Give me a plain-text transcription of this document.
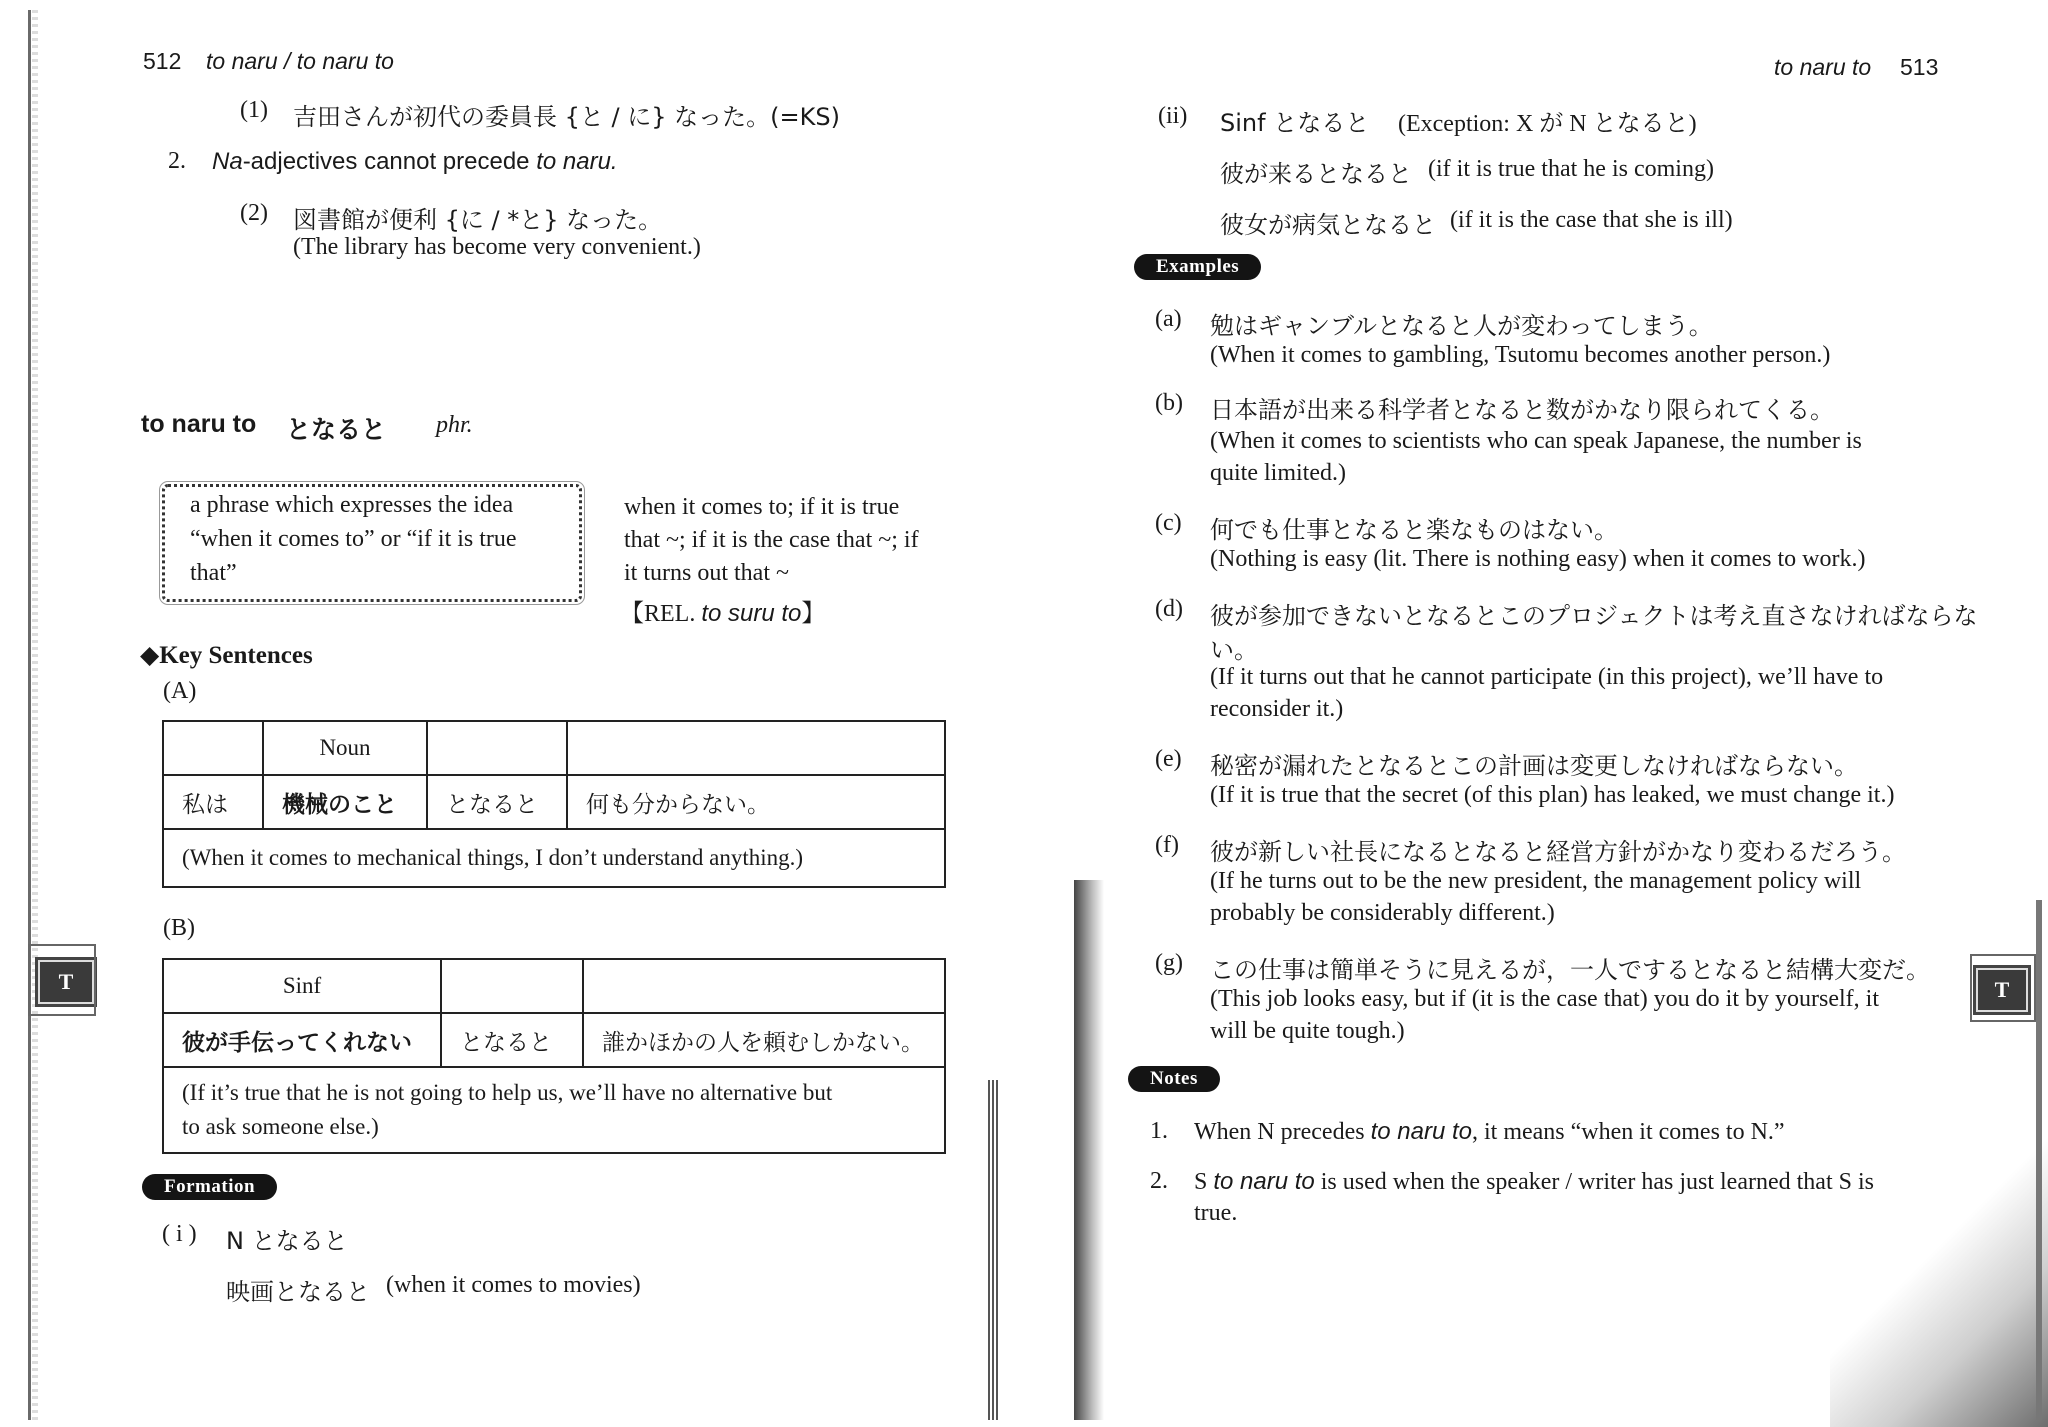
512 to naru / to naru to
(1) 吉田さんが初代の委員長 {と / に} なった。(=KS)
2. Na-adjectives cannot precede to naru.
(2) 図書館が便利 {に / *と} なった。
(The library has become very convenient.)
to naru to となると phr.
a phrase which expresses the idea
“when it comes to” or “if it is true
that”
when it comes to; if it is true
that ~; if it is the case that ~; if
it turns out that ~
【REL. to suru to】
◆Key Sentences
(A)
	Noun		
私は	機械のこと	となると	何も分からない。
(When it comes to mechanical things, I don’t understand anything.)			
(B)
Sinf		
彼が手伝ってくれない	となると	誰かほかの人を頼むしかない。

(If it’s true that he is not going to help us, we’ll have no alternative but
to ask someone else.)		
Formation
( i ) N となると
映画となると (when it comes to movies)
T
to naru to 513
(ii) Sinf となると (Exception: X が N となると)
彼が来るとなると (if it is true that he is coming)
彼女が病気となると (if it is the case that she is ill)
Examples
(a) 勉はギャンブルとなると人が変わってしまう。
(When it comes to gambling, Tsutomu becomes another person.)
(b) 日本語が出来る科学者となると数がかなり限られてくる。
(When it comes to scientists who can speak Japanese, the number is
quite limited.)
(c) 何でも仕事となると楽なものはない。
(Nothing is easy (lit. There is nothing easy) when it comes to work.)
(d) 彼が参加できないとなるとこのプロジェクトは考え直さなければならな
い。
(If it turns out that he cannot participate (in this project), we’ll have to
reconsider it.)
(e) 秘密が漏れたとなるとこの計画は変更しなければならない。
(If it is true that the secret (of this plan) has leaked, we must change it.)
(f) 彼が新しい社長になるとなると経営方針がかなり変わるだろう。
(If he turns out to be the new president, the management policy will
probably be considerably different.)
(g) この仕事は簡単そうに見えるが，一人でするとなると結構大変だ。
(This job looks easy, but if (it is the case that) you do it by yourself, it
will be quite tough.)
Notes
1. When N precedes to naru to, it means “when it comes to N.”
2. S to naru to is used when the speaker / writer has just learned that S is
true.
T
